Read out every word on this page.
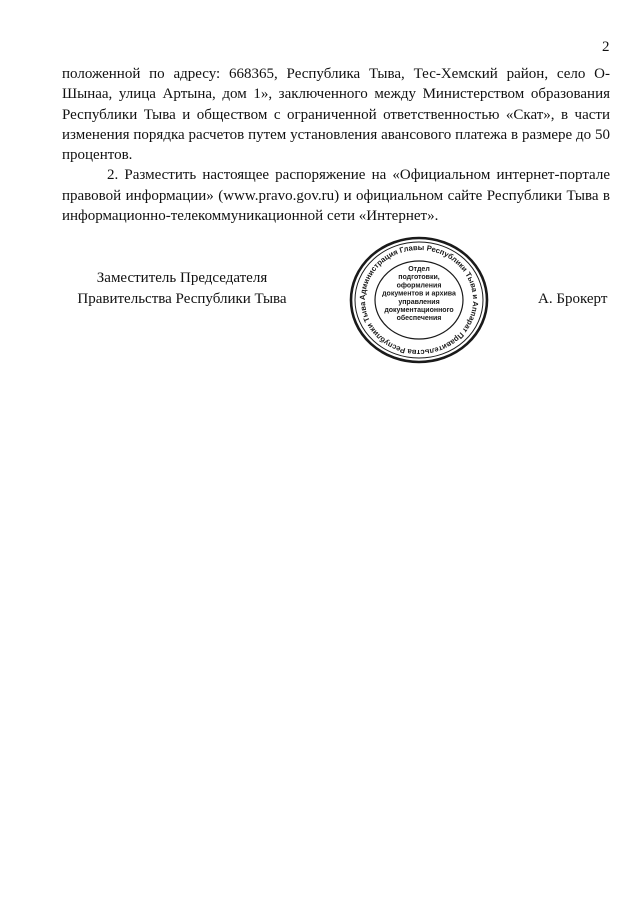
2

положенной по адресу: 668365, Республика Тыва, Тес-Хемский район, село О-Шынаа, улица Артына, дом 1», заключенного между Министерством образования Республики Тыва и обществом с ограниченной ответственностью «Скат», в части изменения порядка расчетов путем установления авансового платежа в размере до 50 процентов.

2. Разместить настоящее распоряжение на «Официальном интернет-портале правовой информации» (www.pravo.gov.ru) и официальном сайте Республики Тыва в информационно-телекоммуникационной сети «Интернет».

Заместитель Председателя
Правительства Республики Тыва	Администрация Главы Республики Тыва и Аппарат Правительства Республики Тыва
Отдел
подготовки,
оформления
документов и архива
управления
документационного
обеспечения
А. Брокерт
